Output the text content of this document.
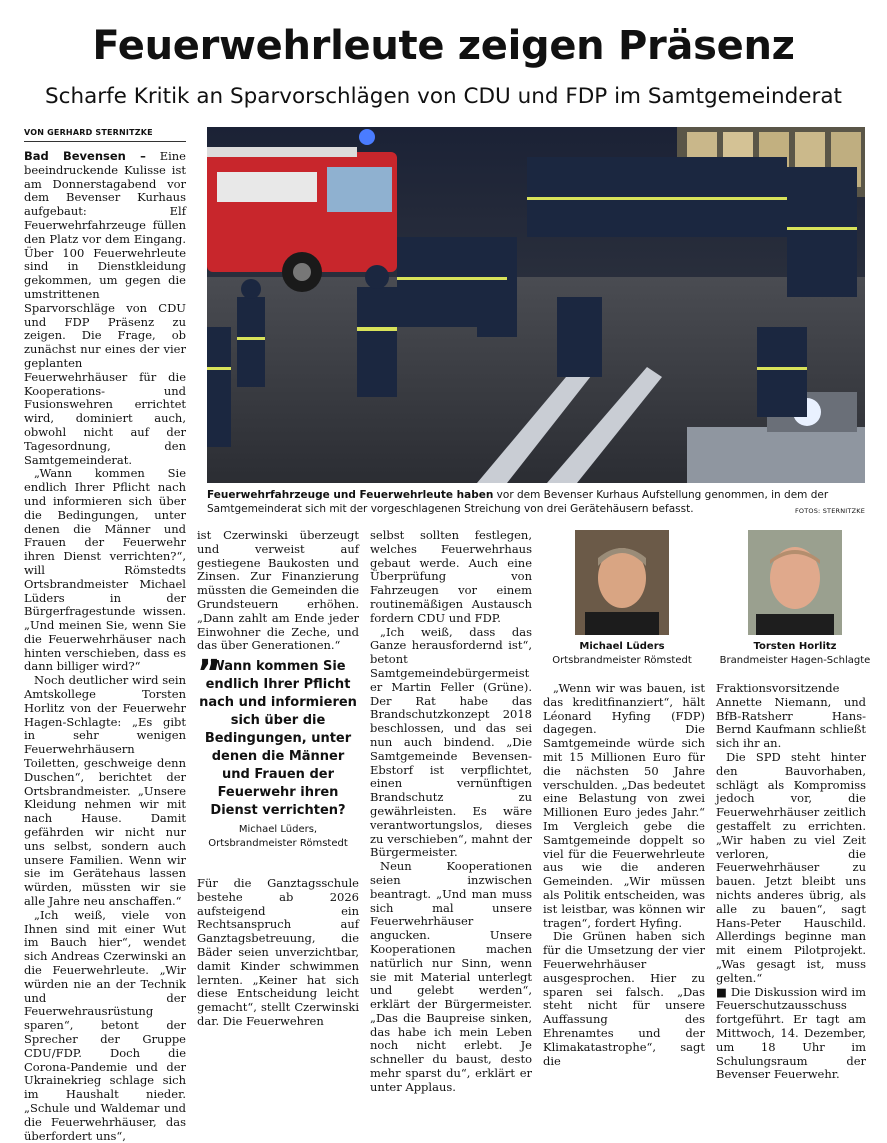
Feuerwehrleute zeigen Präsenz
Scharfe Kritik an Sparvorschlägen von CDU und FDP im Samtgemeinderat
VON GERHARD STERNITZKE

Bad Bevensen – Eine beeindruckende Kulisse ist am Donnerstagabend vor dem Bevenser Kurhaus aufgebaut: Elf Feuerwehrfahrzeuge füllen den Platz vor dem Eingang. Über 100 Feuerwehrleute sind in Dienstkleidung gekommen, um gegen die umstrittenen Sparvorschläge von CDU und FDP Präsenz zu zeigen. Die Frage, ob zunächst nur eines der vier geplanten Feuerwehrhäuser für die Kooperations- und Fusionswehren errichtet wird, dominiert auch, obwohl nicht auf der Tagesordnung, den Samtgemeinderat.

„Wann kommen Sie endlich Ihrer Pflicht nach und informieren sich über die Bedingungen, unter denen die Männer und Frauen der Feuerwehr ihren Dienst verrichten?“, will Römstedts Ortsbrandmeister Michael Lüders in der Bürgerfragestunde wissen. „Und meinen Sie, wenn Sie die Feuerwehrhäuser nach hinten verschieben, dass es dann billiger wird?“

Noch deutlicher wird sein Amtskollege Torsten Horlitz von der Feuerwehr Hagen-Schlagte: „Es gibt in sehr wenigen Feuerwehrhäusern Toiletten, geschweige denn Duschen“, berichtet der Ortsbrandmeister. „Unsere Kleidung nehmen wir mit nach Hause. Damit gefährden wir nicht nur uns selbst, sondern auch unsere Familien. Wenn wir sie im Gerätehaus lassen würden, müssten wir sie alle Jahre neu anschaffen.“

„Ich weiß, viele von Ihnen sind mit einer Wut im Bauch hier“, wendet sich Andreas Czerwinski an die Feuerwehrleute. „Wir würden nie an der Technik und der Feuerwehrausrüstung sparen“, betont der Sprecher der Gruppe CDU/FDP. Doch die Corona-Pandemie und der Ukrainekrieg schlage sich im Haushalt nieder. „Schule und Waldemar und die Feuerwehrhäuser, das überfordert uns“,

Feuerwehrfahrzeuge und Feuerwehrleute haben vor dem Bevenser Kurhaus Aufstellung genommen, in dem der Samtgemeinderat sich mit der vorgeschlagenen Streichung von drei Gerätehäusern befasst.	FOTOS: STERNITZKE

ist Czerwinski überzeugt und verweist auf gestiegene Baukosten und Zinsen. Zur Finanzierung müssten die Gemeinden die Grundsteuern erhöhen. „Dann zahlt am Ende jeder Einwohner die Zeche, und das über Generationen.“

”
Wann kommen Sie endlich Ihrer Pflicht nach und informieren sich über die Bedingungen, unter denen die Männer und Frauen der Feuerwehr ihren Dienst verrichten?
Michael Lüders, Ortsbrandmeister Römstedt

Für die Ganztagsschule bestehe ab 2026 aufsteigend ein Rechtsanspruch auf Ganztagsbetreuung, die Bäder seien unverzichtbar, damit Kinder schwimmen lernten. „Keiner hat sich diese Entscheidung leicht gemacht“, stellt Czerwinski dar. Die Feuerwehren

selbst sollten festlegen, welches Feuerwehrhaus gebaut werde. Auch eine Überprüfung von Fahrzeugen vor einem routinemäßigen Austausch fordern CDU und FDP.

„Ich weiß, dass das Ganze herausfordernd ist“, betont Samtgemeindebürgermeister Martin Feller (Grüne). Der Rat habe das Brandschutzkonzept 2018 beschlossen, und das sei nun auch bindend. „Die Samtgemeinde Bevensen-Ebstorf ist verpflichtet, einen vernünftigen Brandschutz zu gewährleisten. Es wäre verantwortungslos, dieses zu verschieben“, mahnt der Bürgermeister.

Neun Kooperationen seien inzwischen beantragt. „Und man muss sich mal unsere Feuerwehrhäuser angucken. Unsere Kooperationen machen natürlich nur Sinn, wenn sie mit Material unterlegt und gelebt werden“, erklärt der Bürgermeister. „Das die Baupreise sinken, das habe ich mein Leben noch nicht erlebt. Je schneller du baust, desto mehr sparst du“, erklärt er unter Applaus.

Michael Lüders
Ortsbrandmeister Römstedt
Torsten Horlitz
Brandmeister Hagen-Schlagte

„Wenn wir was bauen, ist das kreditfinanziert“, hält Léonard Hyfing (FDP) dagegen. Die Samtgemeinde würde sich mit 15 Millionen Euro für die nächsten 50 Jahre verschulden. „Das bedeutet eine Belastung von zwei Millionen Euro jedes Jahr.“ Im Vergleich gebe die Samtgemeinde doppelt so viel für die Feuerwehrleute aus wie die anderen Gemeinden. „Wir müssen als Politik entscheiden, was ist leistbar, was können wir tragen“, fordert Hyfing.

Die Grünen haben sich für die Umsetzung der vier Feuerwehrhäuser ausgesprochen. Hier zu sparen sei falsch. „Das steht nicht für unsere Auffassung des Ehrenamtes und der Klimakatastrophe“, sagt die

Fraktionsvorsitzende Annette Niemann, und BfB-Ratsherr Hans-Bernd Kaufmann schließt sich ihr an.

Die SPD steht hinter den Bauvorhaben, schlägt als Kompromiss jedoch vor, die Feuerwehrhäuser zeitlich gestaffelt zu errichten. „Wir haben zu viel Zeit verloren, die Feuerwehrhäuser zu bauen. Jetzt bleibt uns nichts anderes übrig, als alle zu bauen“, sagt Hans-Peter Hauschild. Allerdings beginne man mit einem Pilotprojekt. „Was gesagt ist, muss gelten.“

■ Die Diskussion wird im Feuerschutzausschuss fortgeführt. Er tagt am Mittwoch, 14. Dezember, um 18 Uhr im Schulungsraum der Bevenser Feuerwehr.
